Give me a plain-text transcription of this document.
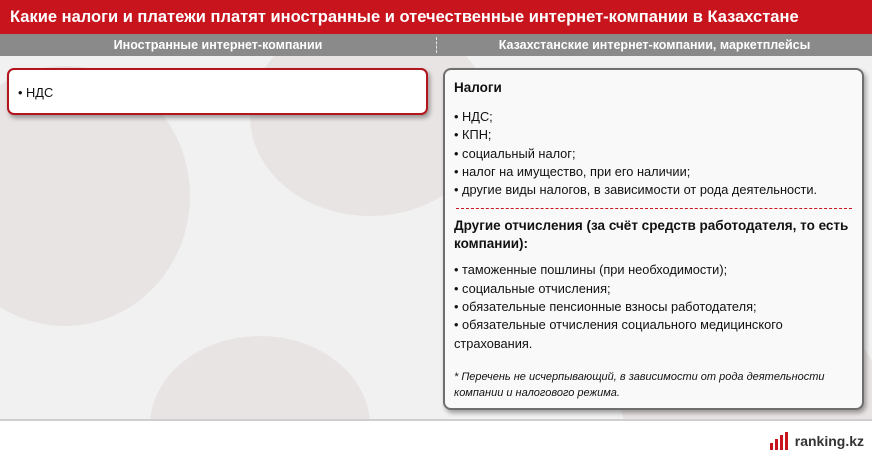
Какие налоги и платежи платят иностранные и отечественные интернет-компании в Казахстане
Иностранные интернет-компании	Казахстанские интернет-компании, маркетплейсы
• НДС	Налоги
• НДС;
• КПН;
• социальный налог;
• налог на имущество, при его наличии;
• другие виды налогов, в зависимости от рода деятельности.
Другие отчисления (за счёт средств работодателя, то есть компании):
• таможенные пошлины (при необходимости);
• социальные отчисления;
• обязательные пенсионные взносы работодателя;
• обязательные отчисления социального медицинского страхования.
* Перечень не исчерпывающий, в зависимости от рода деятельности компании и налогового режима.
ranking.kz
